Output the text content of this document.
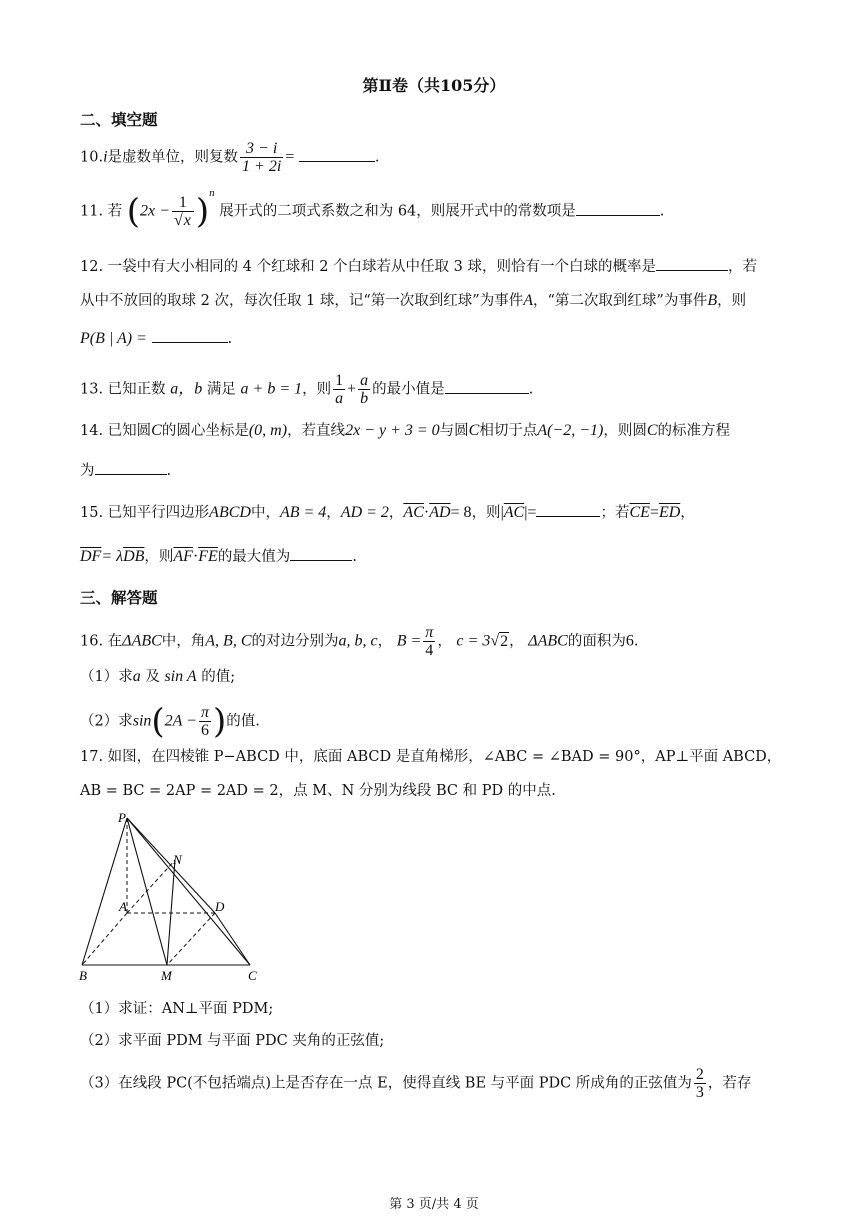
第Ⅱ卷（共105分）
二、填空题
10.i是虚数单位，则复数 $\frac{3 - i}{1 + 2i}$ =	.
11. 若 $(2x - \frac{1}{√x} )^n$ 展开式的二项式系数之和为 64，则展开式中的常数项是	.
12. 一袋中有大小相同的 4 个红球和 2 个白球若从中任取 3 球，则恰有一个白球的概率是	，若
从中不放回的取球 2 次，每次任取 1 球，记“第一次取到红球”为事件A，“第二次取到红球”为事件B，则
P(B | A) =	.
13. 已知正数 a，b 满足 a + b = 1，则 $\frac{1}{a} + \frac{a}{b}$ 的最小值是	.
14. 已知圆C的圆心坐标是(0, m)，若直线2x − y + 3 = 0与圆C相切于点A(−2, −1)，则圆C的标准方程
为	.
15. 已知平行四边形ABCD中，AB = 4，AD = 2，$\overline{AC}\cdot\overline{AD}= 8$，则$|\overline{AC}|=$	；若$\overline{CE}=\overline{ED}$，
$\overline{DF}= \lambda\overline{DB}$，则$\overline{AF}\cdot\overline{FE}$的最大值为	.
三、解答题
16. 在ΔABC中，角A, B, C的对边分别为a, b, c， $B = \frac{\pi}{4}$ ， c = 3√2， ΔABC的面积为6.
（1）求a 及 sin A 的值;
（2）求$\sin(2A - \frac{\pi}{6}$ )的值.
17. 如图，在四棱锥 P−ABCD 中，底面 ABCD 是直角梯形，∠ABC = ∠BAD = 90°，AP⊥平面 ABCD，
AB = BC = 2AP = 2AD = 2，点 M、N 分别为线段 BC 和 PD 的中点.
P
N
A	D
B	M	C
（1）求证：AN⊥平面 PDM;
（2）求平面 PDM 与平面 PDC 夹角的正弦值;
（3）在线段 PC(不包括端点)上是否存在一点 E，使得直线 BE 与平面 PDC 所成角的正弦值为 $\frac{2}{3}$ ，若存
第 3 页/共 4 页
